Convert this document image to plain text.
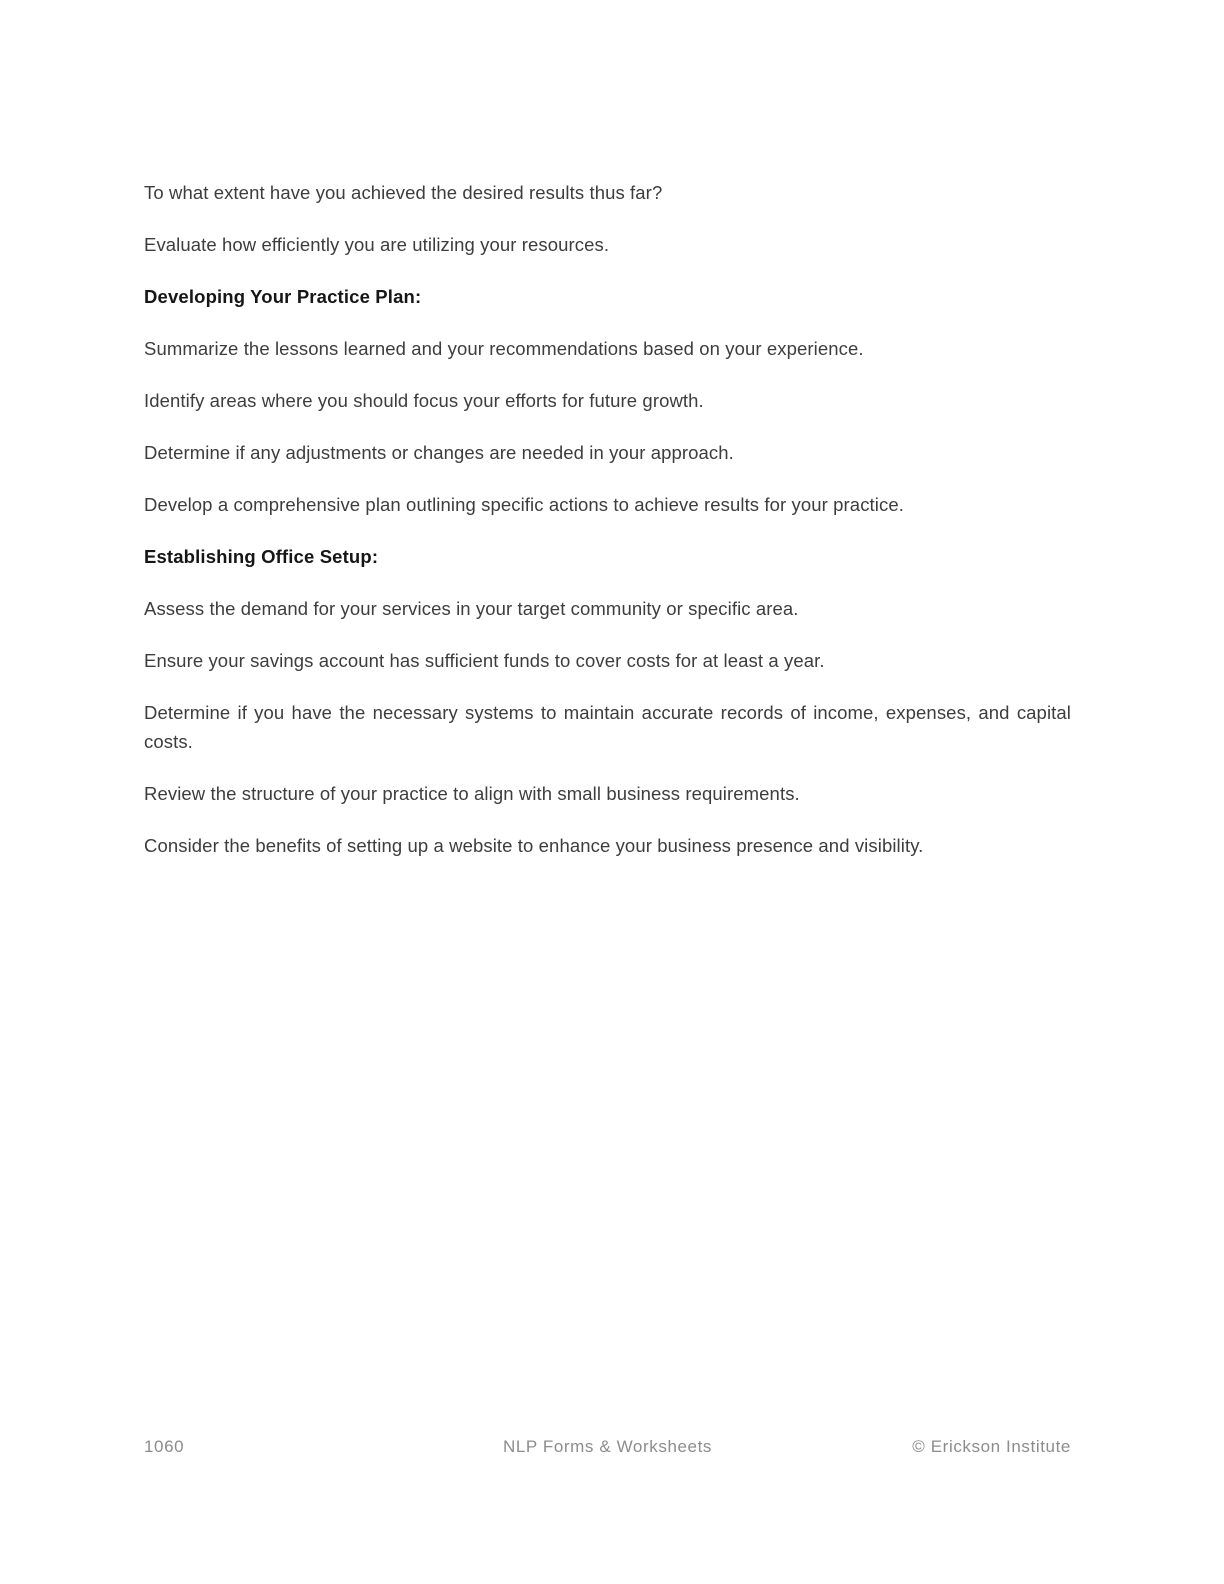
To what extent have you achieved the desired results thus far?

Evaluate how efficiently you are utilizing your resources.

Developing Your Practice Plan:

Summarize the lessons learned and your recommendations based on your experience.

Identify areas where you should focus your efforts for future growth.

Determine if any adjustments or changes are needed in your approach.

Develop a comprehensive plan outlining specific actions to achieve results for your practice.

Establishing Office Setup:

Assess the demand for your services in your target community or specific area.

Ensure your savings account has sufficient funds to cover costs for at least a year.

Determine if you have the necessary systems to maintain accurate records of income, expenses, and capital costs.

Review the structure of your practice to align with small business requirements.

Consider the benefits of setting up a website to enhance your business presence and visibility.

1060	NLP Forms & Worksheets	© Erickson Institute
